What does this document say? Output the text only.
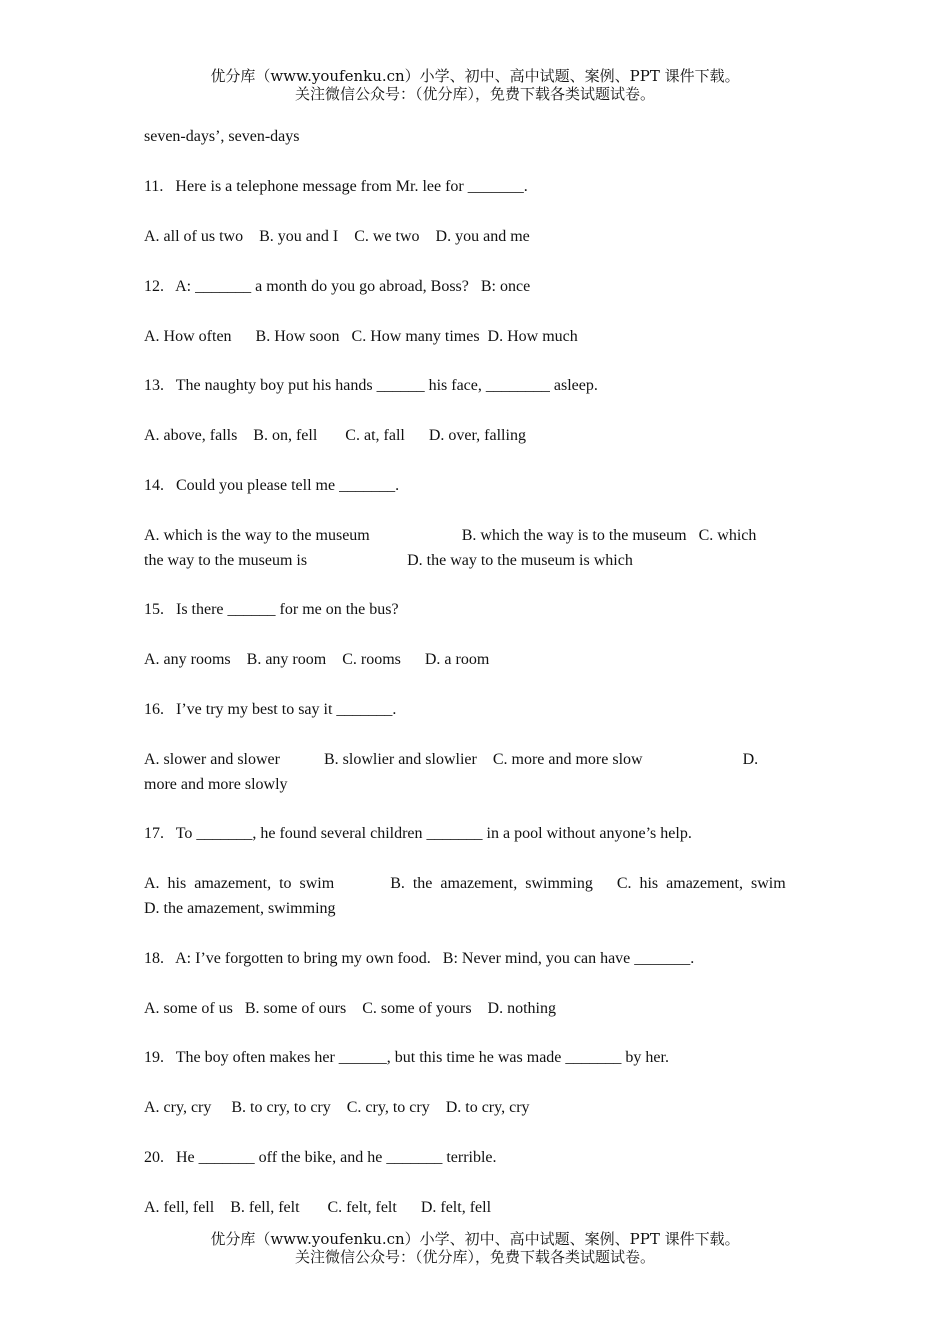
优分库（www.youfenku.cn）小学、初中、高中试题、案例、PPT 课件下载。
关注微信公众号：（优分库），免费下载各类试题试卷。
seven-days’, seven-days
11.   Here is a telephone message from Mr. lee for _______.
A. all of us two    B. you and I    C. we two    D. you and me
12.   A: _______ a month do you go abroad, Boss?   B: once
A. How often      B. How soon   C. How many times  D. How much
13.   The naughty boy put his hands ______ his face, ________ asleep.
A. above, falls    B. on, fell       C. at, fall      D. over, falling
14.   Could you please tell me _______.
A. which is the way to the museum                       B. which the way is to the museum   C. which
the way to the museum is                         D. the way to the museum is which
15.   Is there ______ for me on the bus?
A. any rooms    B. any room    C. rooms      D. a room
16.   I’ve try my best to say it _______.
A. slower and slower           B. slowlier and slowlier    C. more and more slow                         D.
more and more slowly
17.   To _______, he found several children _______ in a pool without anyone’s help.
A.  his  amazement,  to  swim              B.  the  amazement,  swimming      C.  his  amazement,  swim
D. the amazement, swimming
18.   A: I’ve forgotten to bring my own food.   B: Never mind, you can have _______.
A. some of us   B. some of ours    C. some of yours    D. nothing
19.   The boy often makes her ______, but this time he was made _______ by her.
A. cry, cry     B. to cry, to cry    C. cry, to cry    D. to cry, cry
20.   He _______ off the bike, and he _______ terrible.
A. fell, fell    B. fell, felt       C. felt, felt      D. felt, fell
优分库（www.youfenku.cn）小学、初中、高中试题、案例、PPT 课件下载。
关注微信公众号：（优分库），免费下载各类试题试卷。
